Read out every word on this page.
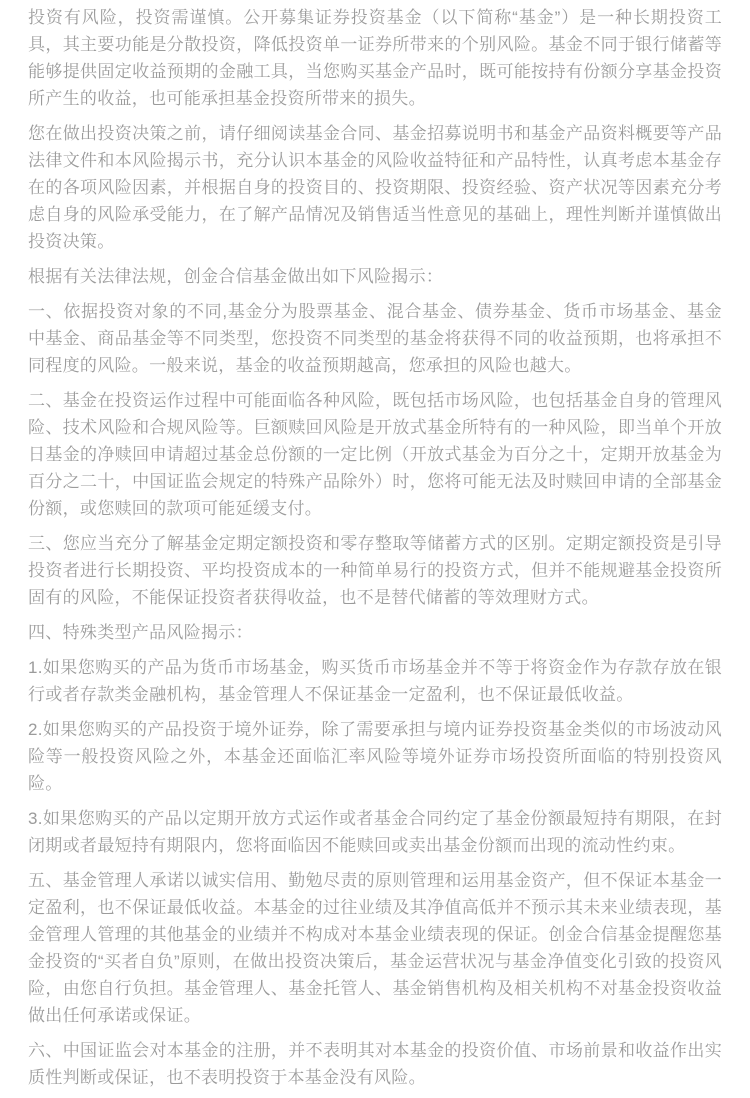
投资有风险，投资需谨慎。公开募集证券投资基金（以下简称“基金”）是一种长期投资工具，其主要功能是分散投资，降低投资单一证券所带来的个别风险。基金不同于银行储蓄等能够提供固定收益预期的金融工具，当您购买基金产品时，既可能按持有份额分享基金投资所产生的收益，也可能承担基金投资所带来的损失。

您在做出投资决策之前，请仔细阅读基金合同、基金招募说明书和基金产品资料概要等产品法律文件和本风险揭示书，充分认识本基金的风险收益特征和产品特性，认真考虑本基金存在的各项风险因素，并根据自身的投资目的、投资期限、投资经验、资产状况等因素充分考虑自身的风险承受能力，在了解产品情况及销售适当性意见的基础上，理性判断并谨慎做出投资决策。

根据有关法律法规，创金合信基金做出如下风险揭示：

一、依据投资对象的不同,基金分为股票基金、混合基金、债券基金、货币市场基金、基金中基金、商品基金等不同类型，您投资不同类型的基金将获得不同的收益预期，也将承担不同程度的风险。一般来说，基金的收益预期越高，您承担的风险也越大。

二、基金在投资运作过程中可能面临各种风险，既包括市场风险，也包括基金自身的管理风险、技术风险和合规风险等。巨额赎回风险是开放式基金所特有的一种风险，即当单个开放日基金的净赎回申请超过基金总份额的一定比例（开放式基金为百分之十，定期开放基金为百分之二十，中国证监会规定的特殊产品除外）时，您将可能无法及时赎回申请的全部基金份额，或您赎回的款项可能延缓支付。

三、您应当充分了解基金定期定额投资和零存整取等储蓄方式的区别。定期定额投资是引导投资者进行长期投资、平均投资成本的一种简单易行的投资方式，但并不能规避基金投资所固有的风险，不能保证投资者获得收益，也不是替代储蓄的等效理财方式。

四、特殊类型产品风险揭示：

1.如果您购买的产品为货币市场基金，购买货币市场基金并不等于将资金作为存款存放在银行或者存款类金融机构，基金管理人不保证基金一定盈利，也不保证最低收益。

2.如果您购买的产品投资于境外证券，除了需要承担与境内证券投资基金类似的市场波动风险等一般投资风险之外，本基金还面临汇率风险等境外证券市场投资所面临的特别投资风险。

3.如果您购买的产品以定期开放方式运作或者基金合同约定了基金份额最短持有期限，在封闭期或者最短持有期限内，您将面临因不能赎回或卖出基金份额而出现的流动性约束。

五、基金管理人承诺以诚实信用、勤勉尽责的原则管理和运用基金资产，但不保证本基金一定盈利，也不保证最低收益。本基金的过往业绩及其净值高低并不预示其未来业绩表现，基金管理人管理的其他基金的业绩并不构成对本基金业绩表现的保证。创金合信基金提醒您基金投资的“买者自负”原则，在做出投资决策后，基金运营状况与基金净值变化引致的投资风险，由您自行负担。基金管理人、基金托管人、基金销售机构及相关机构不对基金投资收益做出任何承诺或保证。

六、中国证监会对本基金的注册，并不表明其对本基金的投资价值、市场前景和收益作出实质性判断或保证，也不表明投资于本基金没有风险。
